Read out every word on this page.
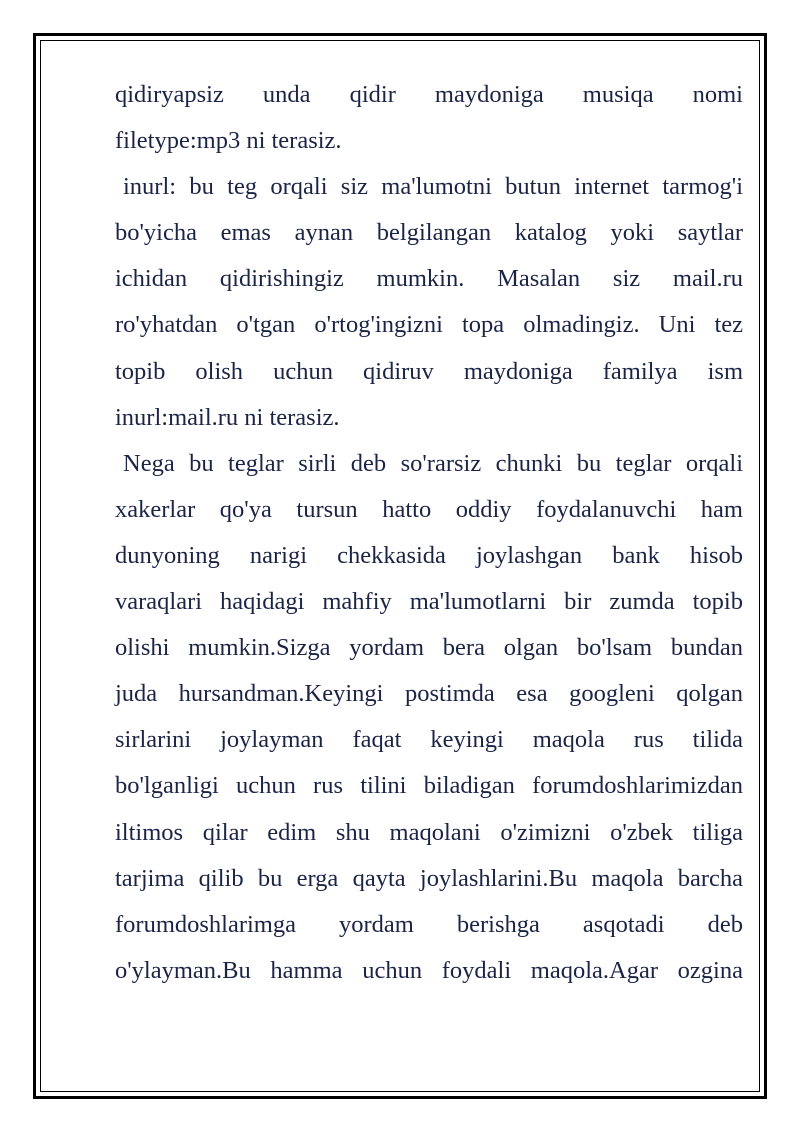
qidiryapsiz unda qidir maydoniga musiqa nomi
filetype:mp3 ni terasiz.
inurl: bu teg orqali siz ma'lumotni butun internet tarmog'i
bo'yicha emas aynan belgilangan katalog yoki saytlar
ichidan qidirishingiz mumkin. Masalan siz mail.ru
ro'yhatdan o'tgan o'rtog'ingizni topa olmadingiz. Uni tez
topib olish uchun qidiruv maydoniga familya ism
inurl:mail.ru ni terasiz.
Nega bu teglar sirli deb so'rarsiz chunki bu teglar orqali
xakerlar qo'ya tursun hatto oddiy foydalanuvchi ham
dunyoning narigi chekkasida joylashgan bank hisob
varaqlari haqidagi mahfiy ma'lumotlarni bir zumda topib
olishi mumkin.Sizga yordam bera olgan bo'lsam bundan
juda hursandman.Keyingi postimda esa googleni qolgan
sirlarini joylayman faqat keyingi maqola rus tilida
bo'lganligi uchun rus tilini biladigan forumdoshlarimizdan
iltimos qilar edim shu maqolani o'zimizni o'zbek tiliga
tarjima qilib bu erga qayta joylashlarini.Bu maqola barcha
forumdoshlarimga yordam berishga asqotadi deb
o'ylayman.Bu hamma uchun foydali maqola.Agar ozgina
